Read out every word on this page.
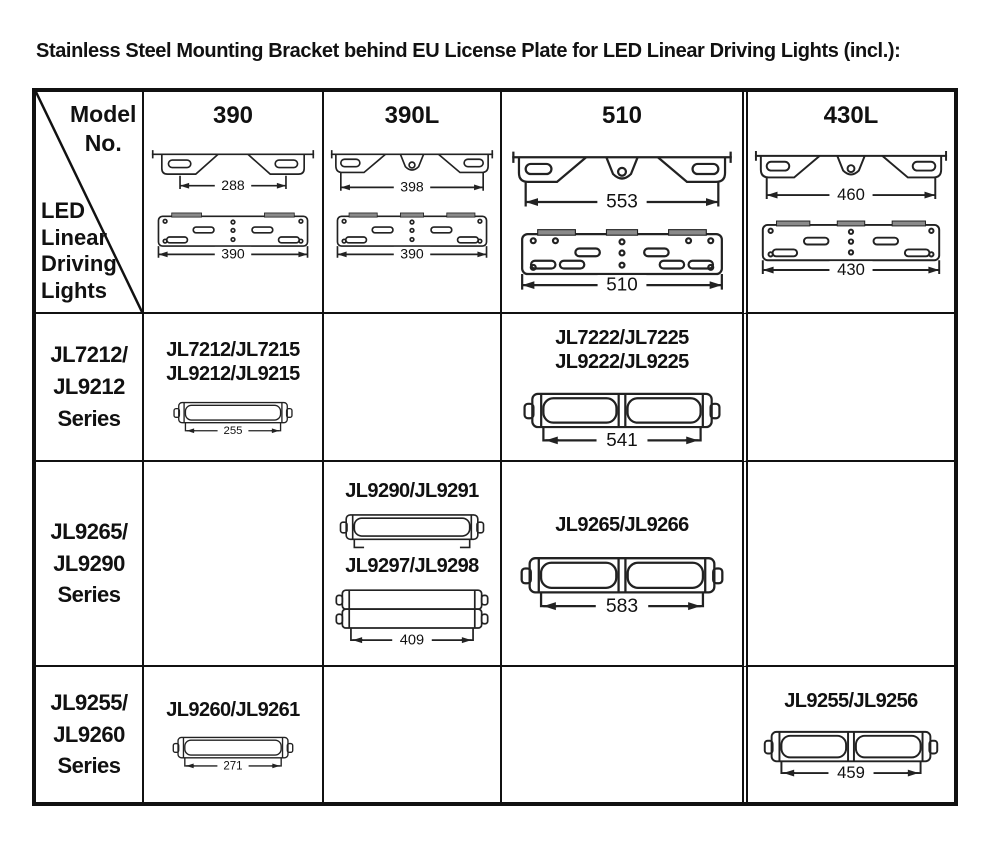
Stainless Steel Mounting Bracket behind EU License Plate for LED Linear Driving Lights (incl.):
Model
No.
LED
Linear
Driving
Lights
390
288
390
390L
398
390
510
553
510
430L
460
430
JL7212/
JL9212
Series
JL7212/JL7215
JL9212/JL9215
255
JL7222/JL7225
JL9222/JL9225
541
JL9265/
JL9290
Series
JL9290/JL9291
JL9297/JL9298
409
JL9265/JL9266
583
JL9255/
JL9260
Series
JL9260/JL9261
271
JL9255/JL9256
459
